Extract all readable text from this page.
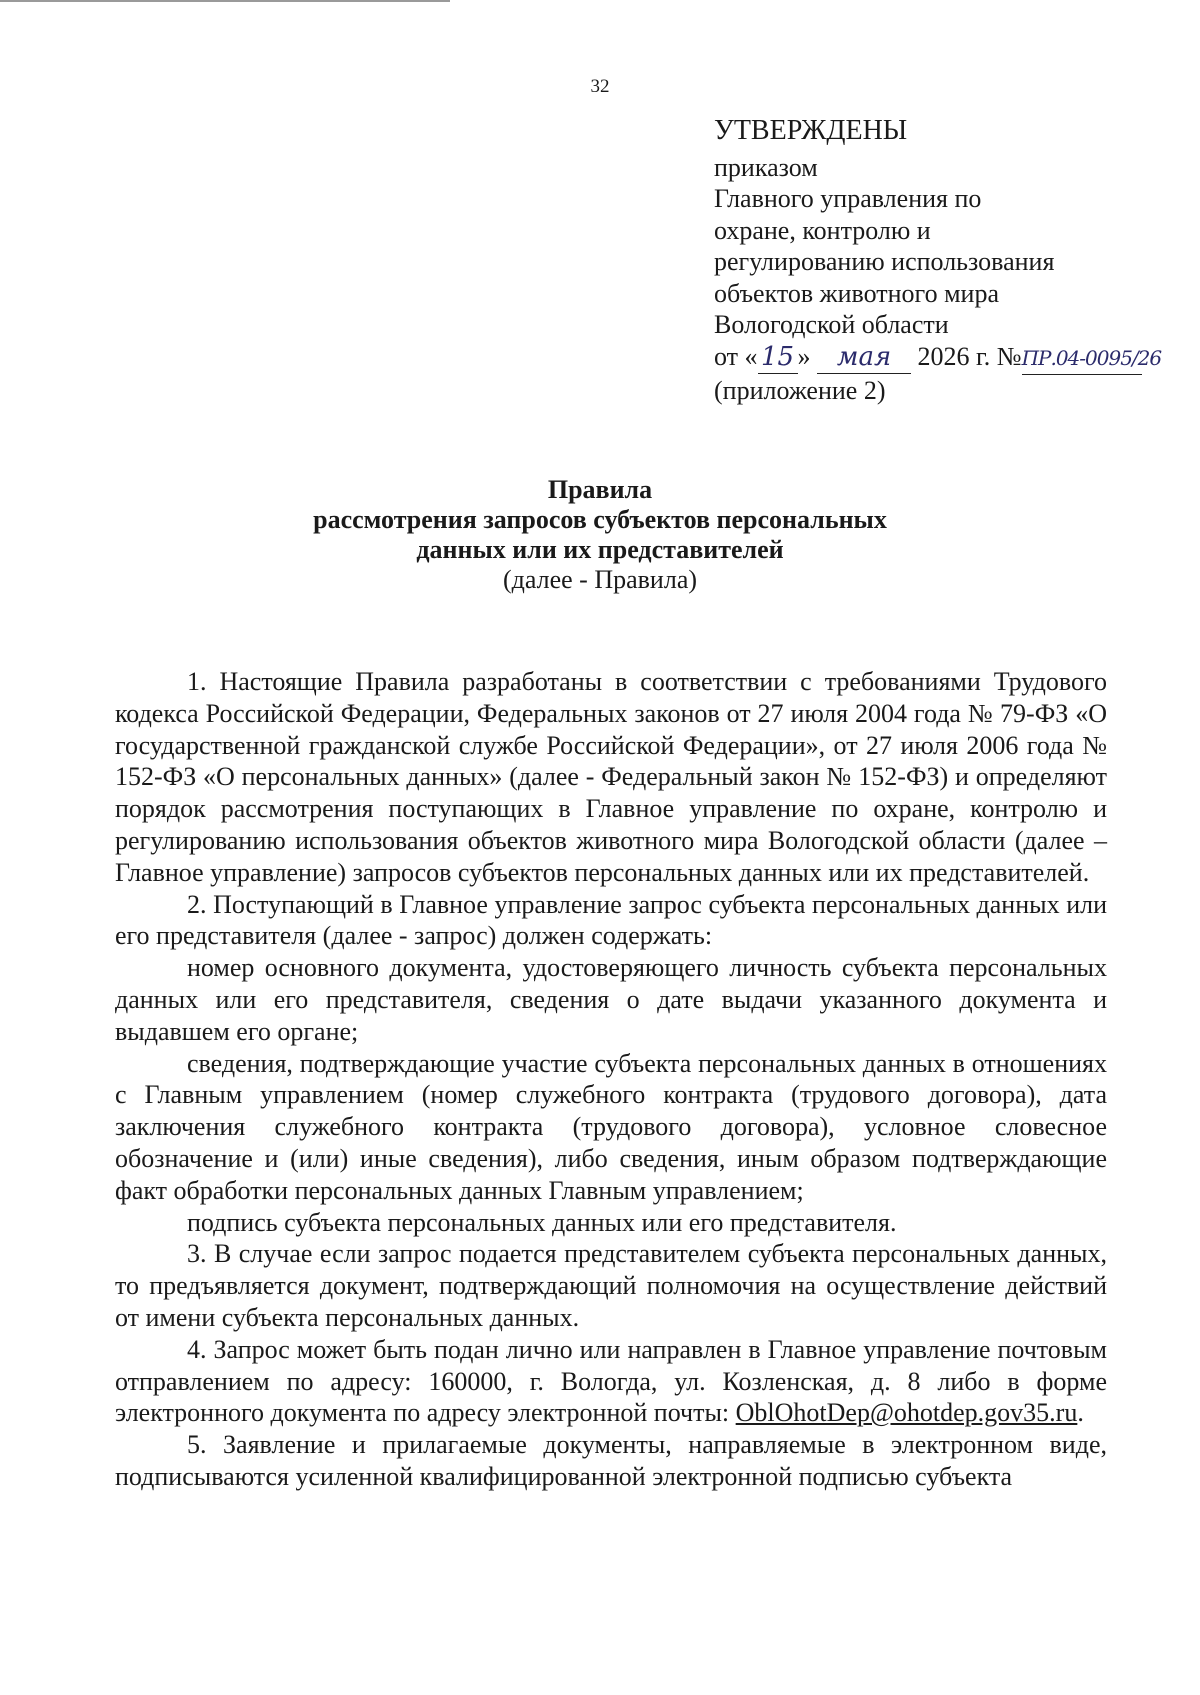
32
УТВЕРЖДЕНЫ
приказом
Главного управления по
охране, контролю и
регулированию использования
объектов животного мира
Вологодской области
от « 15 » мая 2026 г. №ПР.04-0095/26
(приложение 2)
Правила
рассмотрения запросов субъектов персональных
данных или их представителей
(далее - Правила)

1. Настоящие Правила разработаны в соответствии с требованиями Трудового кодекса Российской Федерации, Федеральных законов от 27 июля 2004 года № 79-ФЗ «О государственной гражданской службе Российской Федерации», от 27 июля 2006 года № 152-ФЗ «О персональных данных» (далее - Федеральный закон № 152-ФЗ) и определяют порядок рассмотрения поступающих в Главное управление по охране, контролю и регулированию использования объектов животного мира Вологодской области (далее – Главное управление) запросов субъектов персональных данных или их представителей.

2. Поступающий в Главное управление запрос субъекта персональных данных или его представителя (далее - запрос) должен содержать:

номер основного документа, удостоверяющего личность субъекта персональных данных или его представителя, сведения о дате выдачи указанного документа и выдавшем его органе;

сведения, подтверждающие участие субъекта персональных данных в отношениях с Главным управлением (номер служебного контракта (трудового договора), дата заключения служебного контракта (трудового договора), условное словесное обозначение и (или) иные сведения), либо сведения, иным образом подтверждающие факт обработки персональных данных Главным управлением;

подпись субъекта персональных данных или его представителя.

3. В случае если запрос подается представителем субъекта персональных данных, то предъявляется документ, подтверждающий полномочия на осуществление действий от имени субъекта персональных данных.

4. Запрос может быть подан лично или направлен в Главное управление почтовым отправлением по адресу: 160000, г. Вологда, ул. Козленская, д. 8 либо в форме электронного документа по адресу электронной почты: OblOhotDep@ohotdep.gov35.ru.

5. Заявление и прилагаемые документы, направляемые в электронном виде, подписываются усиленной квалифицированной электронной подписью субъекта
